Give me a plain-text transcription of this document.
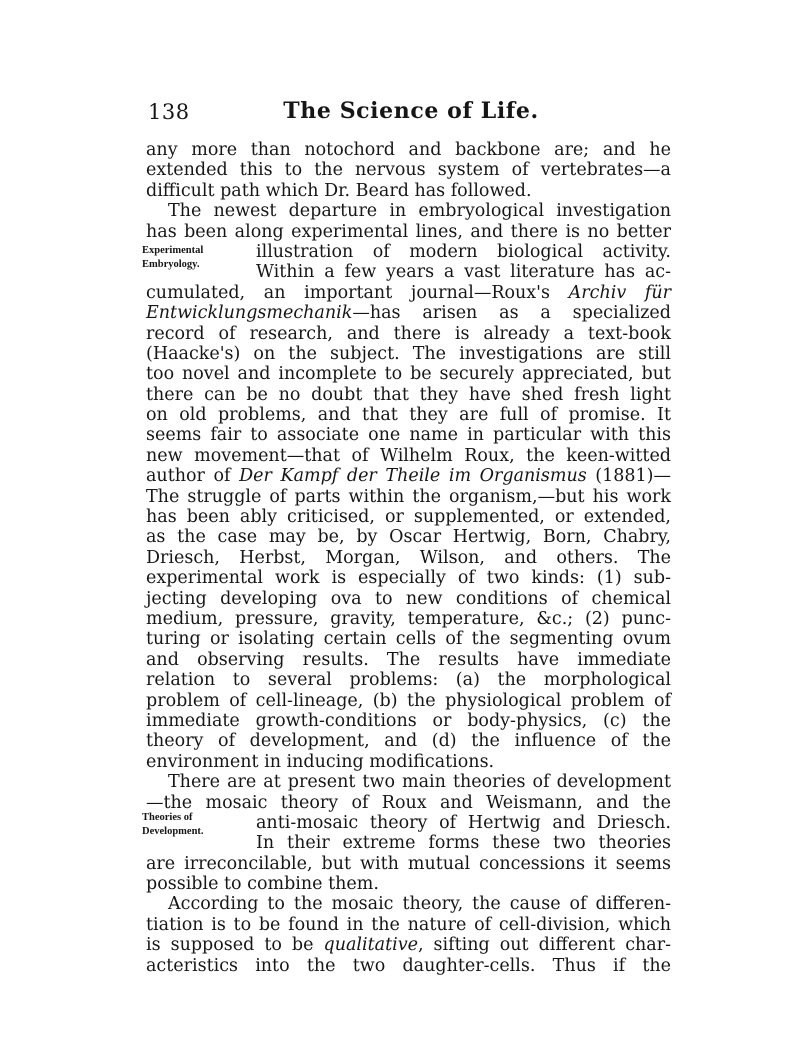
138	The Science of Life.
Experimental
Embryology.
Theories of
Development.
any more than notochord and backbone are; and he
extended this to the nervous system of vertebrates—a
difficult path which Dr. Beard has followed.
The newest departure in embryological investigation
has been along experimental lines, and there is no better
illustration of modern biological activity.
Within a few years a vast literature has ac-
cumulated, an important journal—Roux's Archiv für
Entwicklungsmechanik—has arisen as a specialized
record of research, and there is already a text-book
(Haacke's) on the subject. The investigations are still
too novel and incomplete to be securely appreciated, but
there can be no doubt that they have shed fresh light
on old problems, and that they are full of promise. It
seems fair to associate one name in particular with this
new movement—that of Wilhelm Roux, the keen-witted
author of Der Kampf der Theile im Organismus (1881)—
The struggle of parts within the organism,—but his work
has been ably criticised, or supplemented, or extended,
as the case may be, by Oscar Hertwig, Born, Chabry,
Driesch, Herbst, Morgan, Wilson, and others. The
experimental work is especially of two kinds: (1) sub-
jecting developing ova to new conditions of chemical
medium, pressure, gravity, temperature, &c.; (2) punc-
turing or isolating certain cells of the segmenting ovum
and observing results. The results have immediate
relation to several problems: (a) the morphological
problem of cell-lineage, (b) the physiological problem of
immediate growth-conditions or body-physics, (c) the
theory of development, and (d) the influence of the
environment in inducing modifications.
There are at present two main theories of development
—the mosaic theory of Roux and Weismann, and the
anti-mosaic theory of Hertwig and Driesch.
In their extreme forms these two theories
are irreconcilable, but with mutual concessions it seems
possible to combine them.
According to the mosaic theory, the cause of differen-
tiation is to be found in the nature of cell-division, which
is supposed to be qualitative, sifting out different char-
acteristics into the two daughter-cells. Thus if the
